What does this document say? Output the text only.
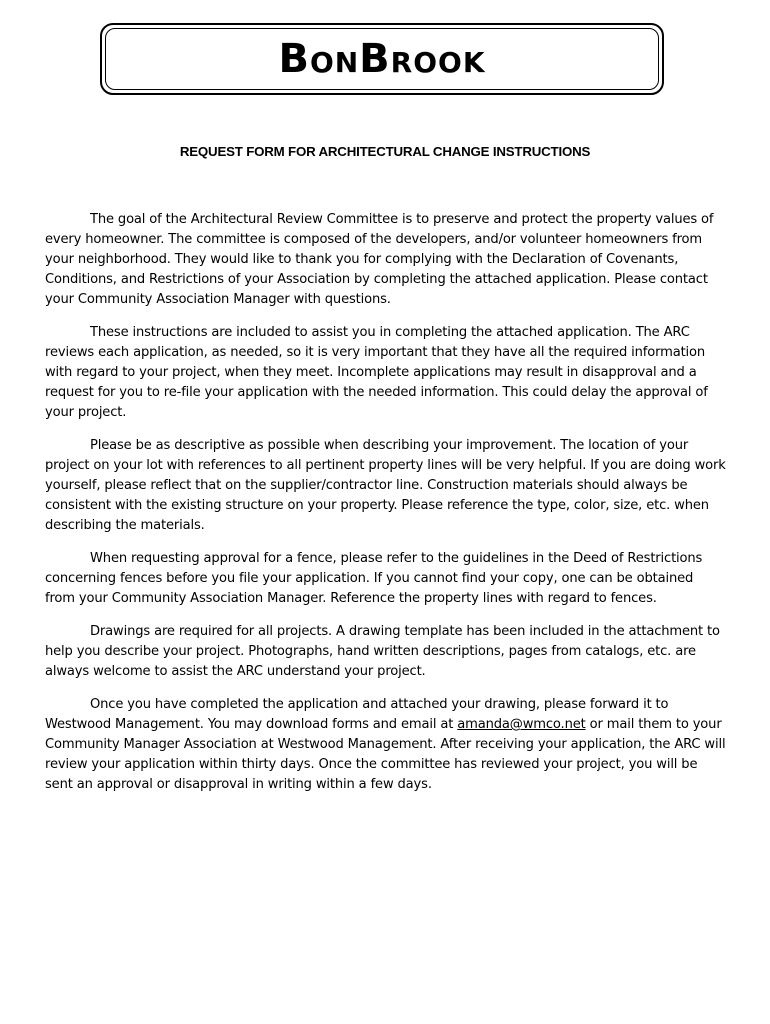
BonBrook
REQUEST FORM FOR ARCHITECTURAL CHANGE INSTRUCTIONS

The goal of the Architectural Review Committee is to preserve and protect the property values of every homeowner. The committee is composed of the developers, and/or volunteer homeowners from your neighborhood. They would like to thank you for complying with the Declaration of Covenants, Conditions, and Restrictions of your Association by completing the attached application. Please contact your Community Association Manager with questions.

These instructions are included to assist you in completing the attached application. The ARC reviews each application, as needed, so it is very important that they have all the required information with regard to your project, when they meet. Incomplete applications may result in disapproval and a request for you to re-file your application with the needed information. This could delay the approval of your project.

Please be as descriptive as possible when describing your improvement. The location of your project on your lot with references to all pertinent property lines will be very helpful. If you are doing work yourself, please reflect that on the supplier/contractor line. Construction materials should always be consistent with the existing structure on your property. Please reference the type, color, size, etc. when describing the materials.

When requesting approval for a fence, please refer to the guidelines in the Deed of Restrictions concerning fences before you file your application. If you cannot find your copy, one can be obtained from your Community Association Manager. Reference the property lines with regard to fences.

Drawings are required for all projects. A drawing template has been included in the attachment to help you describe your project. Photographs, hand written descriptions, pages from catalogs, etc. are always welcome to assist the ARC understand your project.

Once you have completed the application and attached your drawing, please forward it to Westwood Management. You may download forms and email at amanda@wmco.net or mail them to your Community Manager Association at Westwood Management. After receiving your application, the ARC will review your application within thirty days. Once the committee has reviewed your project, you will be sent an approval or disapproval in writing within a few days.
